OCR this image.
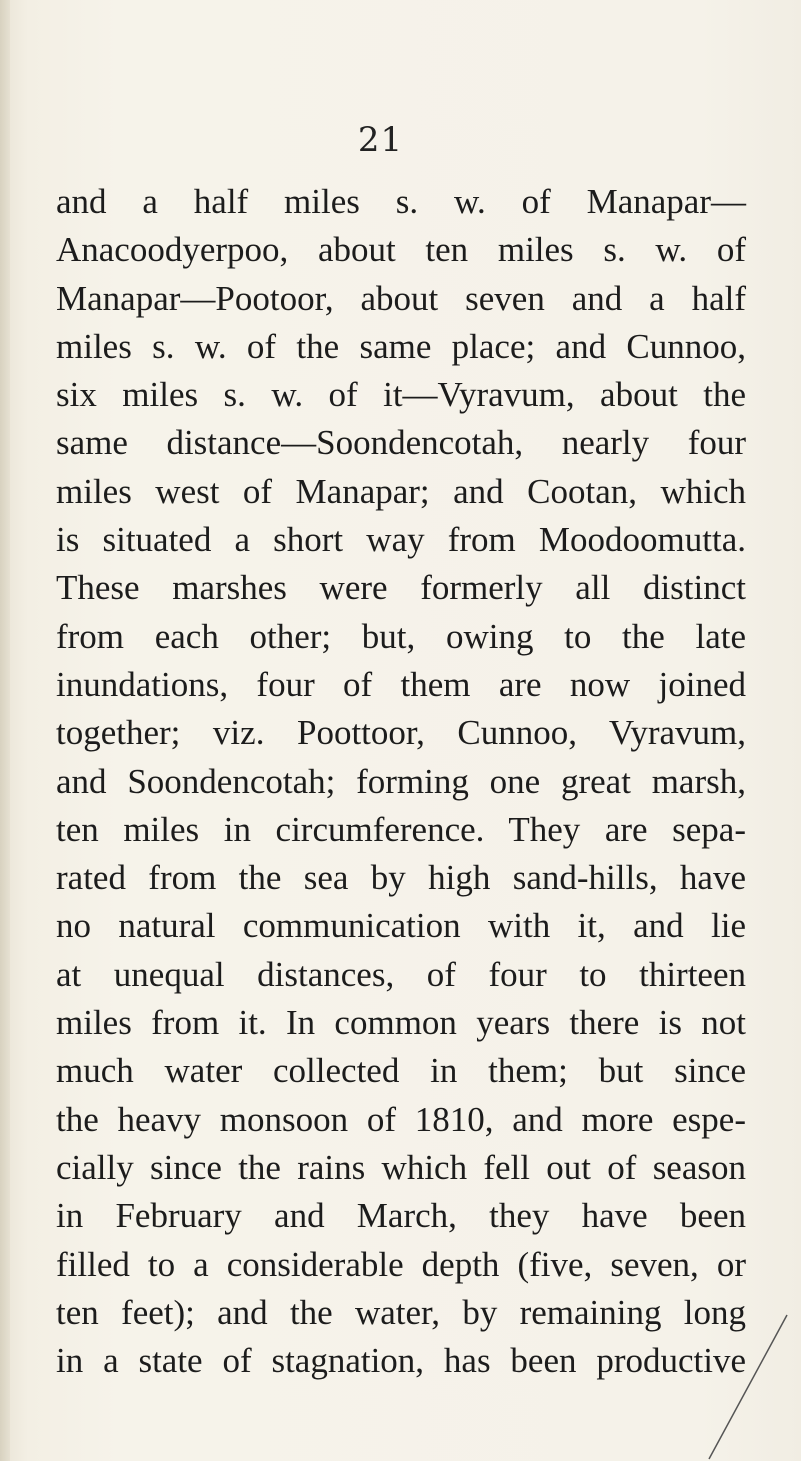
21
and a half miles s. w. of Manapar—
Anacoodyerpoo, about ten miles s. w. of
Manapar—Pootoor, about seven and a half
miles s. w. of the same place; and Cunnoo,
six miles s. w. of it—Vyravum, about the
same distance—Soondencotah, nearly four
miles west of Manapar; and Cootan, which
is situated a short way from Moodoomutta.
These marshes were formerly all distinct
from each other; but, owing to the late
inundations, four of them are now joined
together; viz. Poottoor, Cunnoo, Vyravum,
and Soondencotah; forming one great marsh,
ten miles in circumference. They are sepa-
rated from the sea by high sand-hills, have
no natural communication with it, and lie
at unequal distances, of four to thirteen
miles from it. In common years there is not
much water collected in them; but since
the heavy monsoon of 1810, and more espe-
cially since the rains which fell out of season
in February and March, they have been
filled to a considerable depth (five, seven, or
ten feet); and the water, by remaining long
in a state of stagnation, has been productive
